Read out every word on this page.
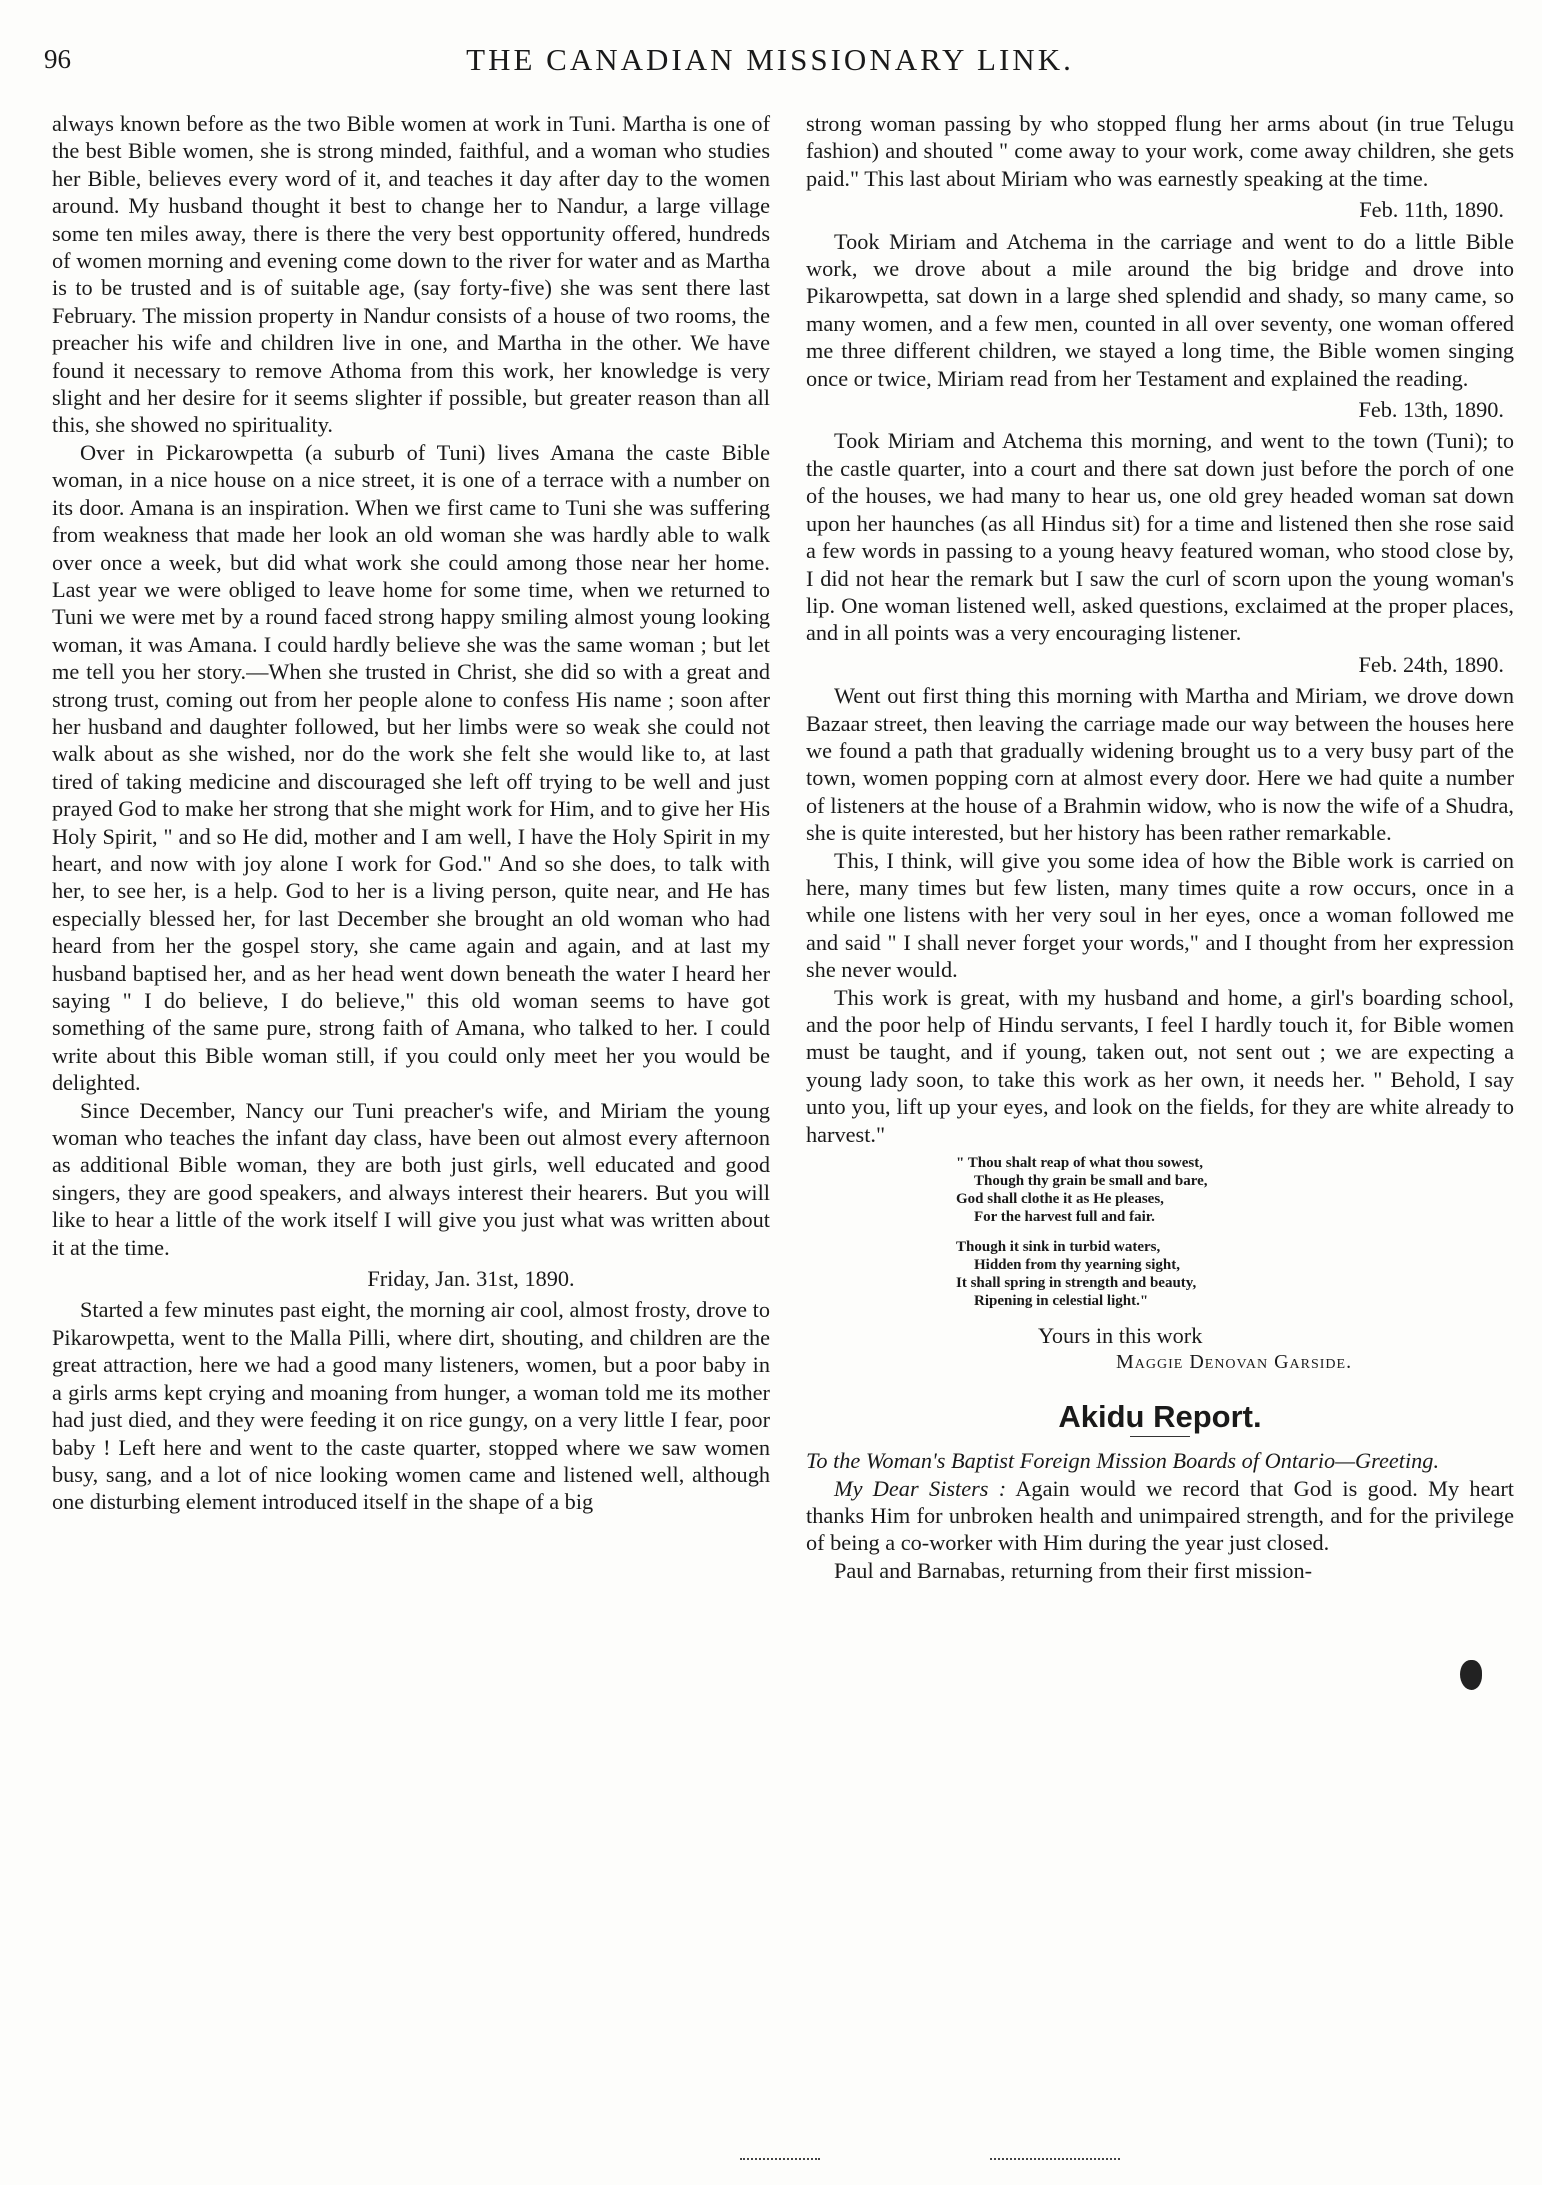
96	THE CANADIAN MISSIONARY LINK.

always known before as the two Bible women at work in Tuni. Martha is one of the best Bible women, she is strong minded, faithful, and a woman who studies her Bible, believes every word of it, and teaches it day after day to the women around. My husband thought it best to change her to Nandur, a large village some ten miles away, there is there the very best opportunity offered, hundreds of women morning and evening come down to the river for water and as Martha is to be trusted and is of suitable age, (say forty-five) she was sent there last February. The mission property in Nandur consists of a house of two rooms, the preacher his wife and children live in one, and Martha in the other. We have found it necessary to remove Athoma from this work, her knowledge is very slight and her desire for it seems slighter if possible, but greater reason than all this, she showed no spirituality.

Over in Pickarowpetta (a suburb of Tuni) lives Amana the caste Bible woman, in a nice house on a nice street, it is one of a terrace with a number on its door. Amana is an inspiration. When we first came to Tuni she was suffering from weakness that made her look an old woman she was hardly able to walk over once a week, but did what work she could among those near her home. Last year we were obliged to leave home for some time, when we returned to Tuni we were met by a round faced strong happy smiling almost young looking woman, it was Amana. I could hardly believe she was the same woman ; but let me tell you her story.—When she trusted in Christ, she did so with a great and strong trust, coming out from her people alone to confess His name ; soon after her husband and daughter followed, but her limbs were so weak she could not walk about as she wished, nor do the work she felt she would like to, at last tired of taking medicine and discouraged she left off trying to be well and just prayed God to make her strong that she might work for Him, and to give her His Holy Spirit, " and so He did, mother and I am well, I have the Holy Spirit in my heart, and now with joy alone I work for God." And so she does, to talk with her, to see her, is a help. God to her is a living person, quite near, and He has especially blessed her, for last December she brought an old woman who had heard from her the gospel story, she came again and again, and at last my husband baptised her, and as her head went down beneath the water I heard her saying " I do believe, I do believe," this old woman seems to have got something of the same pure, strong faith of Amana, who talked to her. I could write about this Bible woman still, if you could only meet her you would be delighted.

Since December, Nancy our Tuni preacher's wife, and Miriam the young woman who teaches the infant day class, have been out almost every afternoon as additional Bible woman, they are both just girls, well educated and good singers, they are good speakers, and always interest their hearers. But you will like to hear a little of the work itself I will give you just what was written about it at the time.

Friday, Jan. 31st, 1890.

Started a few minutes past eight, the morning air cool, almost frosty, drove to Pikarowpetta, went to the Malla Pilli, where dirt, shouting, and children are the great attraction, here we had a good many listeners, women, but a poor baby in a girls arms kept crying and moaning from hunger, a woman told me its mother had just died, and they were feeding it on rice gungy, on a very little I fear, poor baby ! Left here and went to the caste quarter, stopped where we saw women busy, sang, and a lot of nice looking women came and listened well, although one disturbing element introduced itself in the shape of a big

strong woman passing by who stopped flung her arms about (in true Telugu fashion) and shouted " come away to your work, come away children, she gets paid." This last about Miriam who was earnestly speaking at the time.

Feb. 11th, 1890.

Took Miriam and Atchema in the carriage and went to do a little Bible work, we drove about a mile around the big bridge and drove into Pikarowpetta, sat down in a large shed splendid and shady, so many came, so many women, and a few men, counted in all over seventy, one woman offered me three different children, we stayed a long time, the Bible women singing once or twice, Miriam read from her Testament and explained the reading.

Feb. 13th, 1890.

Took Miriam and Atchema this morning, and went to the town (Tuni); to the castle quarter, into a court and there sat down just before the porch of one of the houses, we had many to hear us, one old grey headed woman sat down upon her haunches (as all Hindus sit) for a time and listened then she rose said a few words in passing to a young heavy featured woman, who stood close by, I did not hear the remark but I saw the curl of scorn upon the young woman's lip. One woman listened well, asked questions, exclaimed at the proper places, and in all points was a very encouraging listener.

Feb. 24th, 1890.

Went out first thing this morning with Martha and Miriam, we drove down Bazaar street, then leaving the carriage made our way between the houses here we found a path that gradually widening brought us to a very busy part of the town, women popping corn at almost every door. Here we had quite a number of listeners at the house of a Brahmin widow, who is now the wife of a Shudra, she is quite interested, but her history has been rather remarkable.

This, I think, will give you some idea of how the Bible work is carried on here, many times but few listen, many times quite a row occurs, once in a while one listens with her very soul in her eyes, once a woman followed me and said " I shall never forget your words," and I thought from her expression she never would.

This work is great, with my husband and home, a girl's boarding school, and the poor help of Hindu servants, I feel I hardly touch it, for Bible women must be taught, and if young, taken out, not sent out ; we are expecting a young lady soon, to take this work as her own, it needs her. " Behold, I say unto you, lift up your eyes, and look on the fields, for they are white already to harvest."

" Thou shalt reap of what thou sowest,
Though thy grain be small and bare,
God shall clothe it as He pleases,
For the harvest full and fair.
Though it sink in turbid waters,
Hidden from thy yearning sight,
It shall spring in strength and beauty,
Ripening in celestial light."
Yours in this work
Maggie Denovan Garside.
Akidu Report.

To the Woman's Baptist Foreign Mission Boards of Ontario—Greeting.

My Dear Sisters : Again would we record that God is good. My heart thanks Him for unbroken health and unimpaired strength, and for the privilege of being a co-worker with Him during the year just closed.

Paul and Barnabas, returning from their first mission-
